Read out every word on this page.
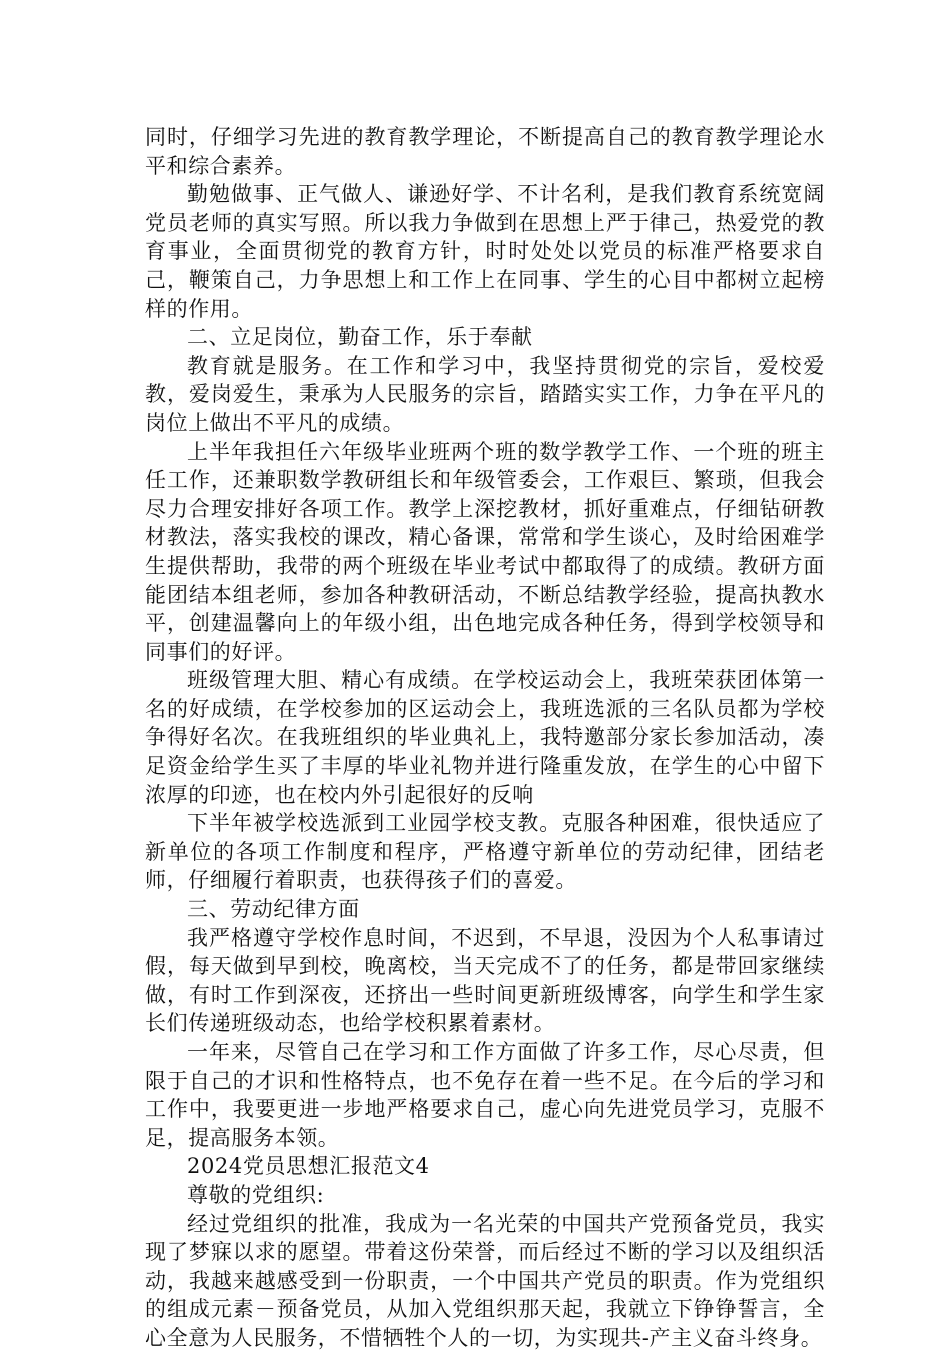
同时，仔细学习先进的教育教学理论，不断提高自己的教育教学理论水平和综合素养。

勤勉做事、正气做人、谦逊好学、不计名利，是我们教育系统宽阔党员老师的真实写照。所以我力争做到在思想上严于律己，热爱党的教育事业，全面贯彻党的教育方针，时时处处以党员的标准严格要求自己，鞭策自己，力争思想上和工作上在同事、学生的心目中都树立起榜样的作用。

二、立足岗位，勤奋工作，乐于奉献

教育就是服务。在工作和学习中，我坚持贯彻党的宗旨，爱校爱教，爱岗爱生，秉承为人民服务的宗旨，踏踏实实工作，力争在平凡的岗位上做出不平凡的成绩。

上半年我担任六年级毕业班两个班的数学教学工作、一个班的班主任工作，还兼职数学教研组长和年级管委会，工作艰巨、繁琐，但我会尽力合理安排好各项工作。教学上深挖教材，抓好重难点，仔细钻研教材教法，落实我校的课改，精心备课，常常和学生谈心，及时给困难学生提供帮助，我带的两个班级在毕业考试中都取得了的成绩。教研方面能团结本组老师，参加各种教研活动，不断总结教学经验，提高执教水平，创建温馨向上的年级小组，出色地完成各种任务，得到学校领导和同事们的好评。

班级管理大胆、精心有成绩。在学校运动会上，我班荣获团体第一名的好成绩，在学校参加的区运动会上，我班选派的三名队员都为学校争得好名次。在我班组织的毕业典礼上，我特邀部分家长参加活动，凑足资金给学生买了丰厚的毕业礼物并进行隆重发放，在学生的心中留下浓厚的印迹，也在校内外引起很好的反响

下半年被学校选派到工业园学校支教。克服各种困难，很快适应了新单位的各项工作制度和程序，严格遵守新单位的劳动纪律，团结老师，仔细履行着职责，也获得孩子们的喜爱。

三、劳动纪律方面

我严格遵守学校作息时间，不迟到，不早退，没因为个人私事请过假，每天做到早到校，晚离校，当天完成不了的任务，都是带回家继续做，有时工作到深夜，还挤出一些时间更新班级博客，向学生和学生家长们传递班级动态，也给学校积累着素材。

一年来，尽管自己在学习和工作方面做了许多工作，尽心尽责，但限于自己的才识和性格特点，也不免存在着一些不足。在今后的学习和工作中，我要更进一步地严格要求自己，虚心向先进党员学习，克服不足，提高服务本领。

2024党员思想汇报范文4

尊敬的党组织:

经过党组织的批准，我成为一名光荣的中国共产党预备党员，我实现了梦寐以求的愿望。带着这份荣誉，而后经过不断的学习以及组织活动，我越来越感受到一份职责，一个中国共产党员的职责。作为党组织的组成元素－预备党员，从加入党组织那天起，我就立下铮铮誓言，全心全意为人民服务，不惜牺牲个人的一切，为实现共-产主义奋斗终身。
